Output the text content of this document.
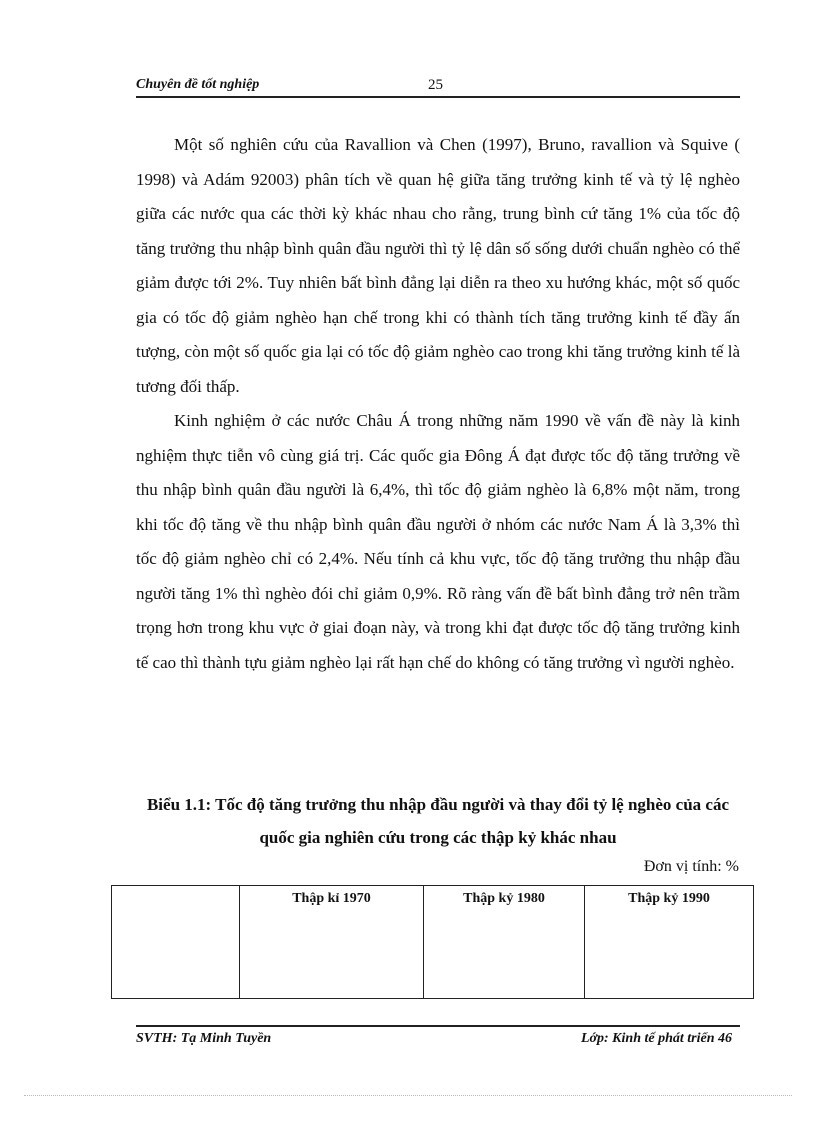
Chuyên đề tốt nghiệp	25

Một số nghiên cứu của Ravallion và Chen (1997), Bruno, ravallion và Squive ( 1998) và Adám 92003) phân tích về quan hệ giữa tăng trưởng kinh tế và tỷ lệ nghèo giữa các nước qua các thời kỳ khác nhau cho rằng, trung bình cứ tăng 1% của tốc độ tăng trưởng thu nhập bình quân đầu người thì tỷ lệ dân số sống dưới chuẩn nghèo có thể giảm được tới 2%. Tuy nhiên bất bình đẳng lại diễn ra theo xu hướng khác, một số quốc gia có tốc độ giảm nghèo hạn chế trong khi có thành tích tăng trưởng kinh tế đầy ấn tượng, còn một số quốc gia lại có tốc độ giảm nghèo cao trong khi tăng trưởng kinh tế là tương đối thấp.

Kinh nghiệm ở các nước Châu Á trong những năm 1990 về vấn đề này là kinh nghiệm thực tiễn vô cùng giá trị. Các quốc gia Đông Á đạt được tốc độ tăng trưởng về thu nhập bình quân đầu người là 6,4%, thì tốc độ giảm nghèo là 6,8% một năm, trong khi tốc độ tăng về thu nhập bình quân đầu người ở nhóm các nước Nam Á là 3,3% thì tốc độ giảm nghèo chỉ có 2,4%. Nếu tính cả khu vực, tốc độ tăng trưởng thu nhập đầu người tăng 1% thì nghèo đói chỉ giảm 0,9%. Rõ ràng vấn đề bất bình đẳng trở nên trầm trọng hơn trong khu vực ở giai đoạn này, và trong khi đạt được tốc độ tăng trưởng kinh tế cao thì thành tựu giảm nghèo lại rất hạn chế do không có tăng trưởng vì người nghèo.

Biểu 1.1: Tốc độ tăng trưởng thu nhập đầu người và thay đổi tỷ lệ nghèo của các quốc gia nghiên cứu trong các thập kỷ khác nhau
Đơn vị tính: %
	Thập kỉ 1970	Thập kỷ 1980	Thập kỷ 1990
SVTH: Tạ Minh Tuyền	Lớp: Kinh tế phát triển 46
